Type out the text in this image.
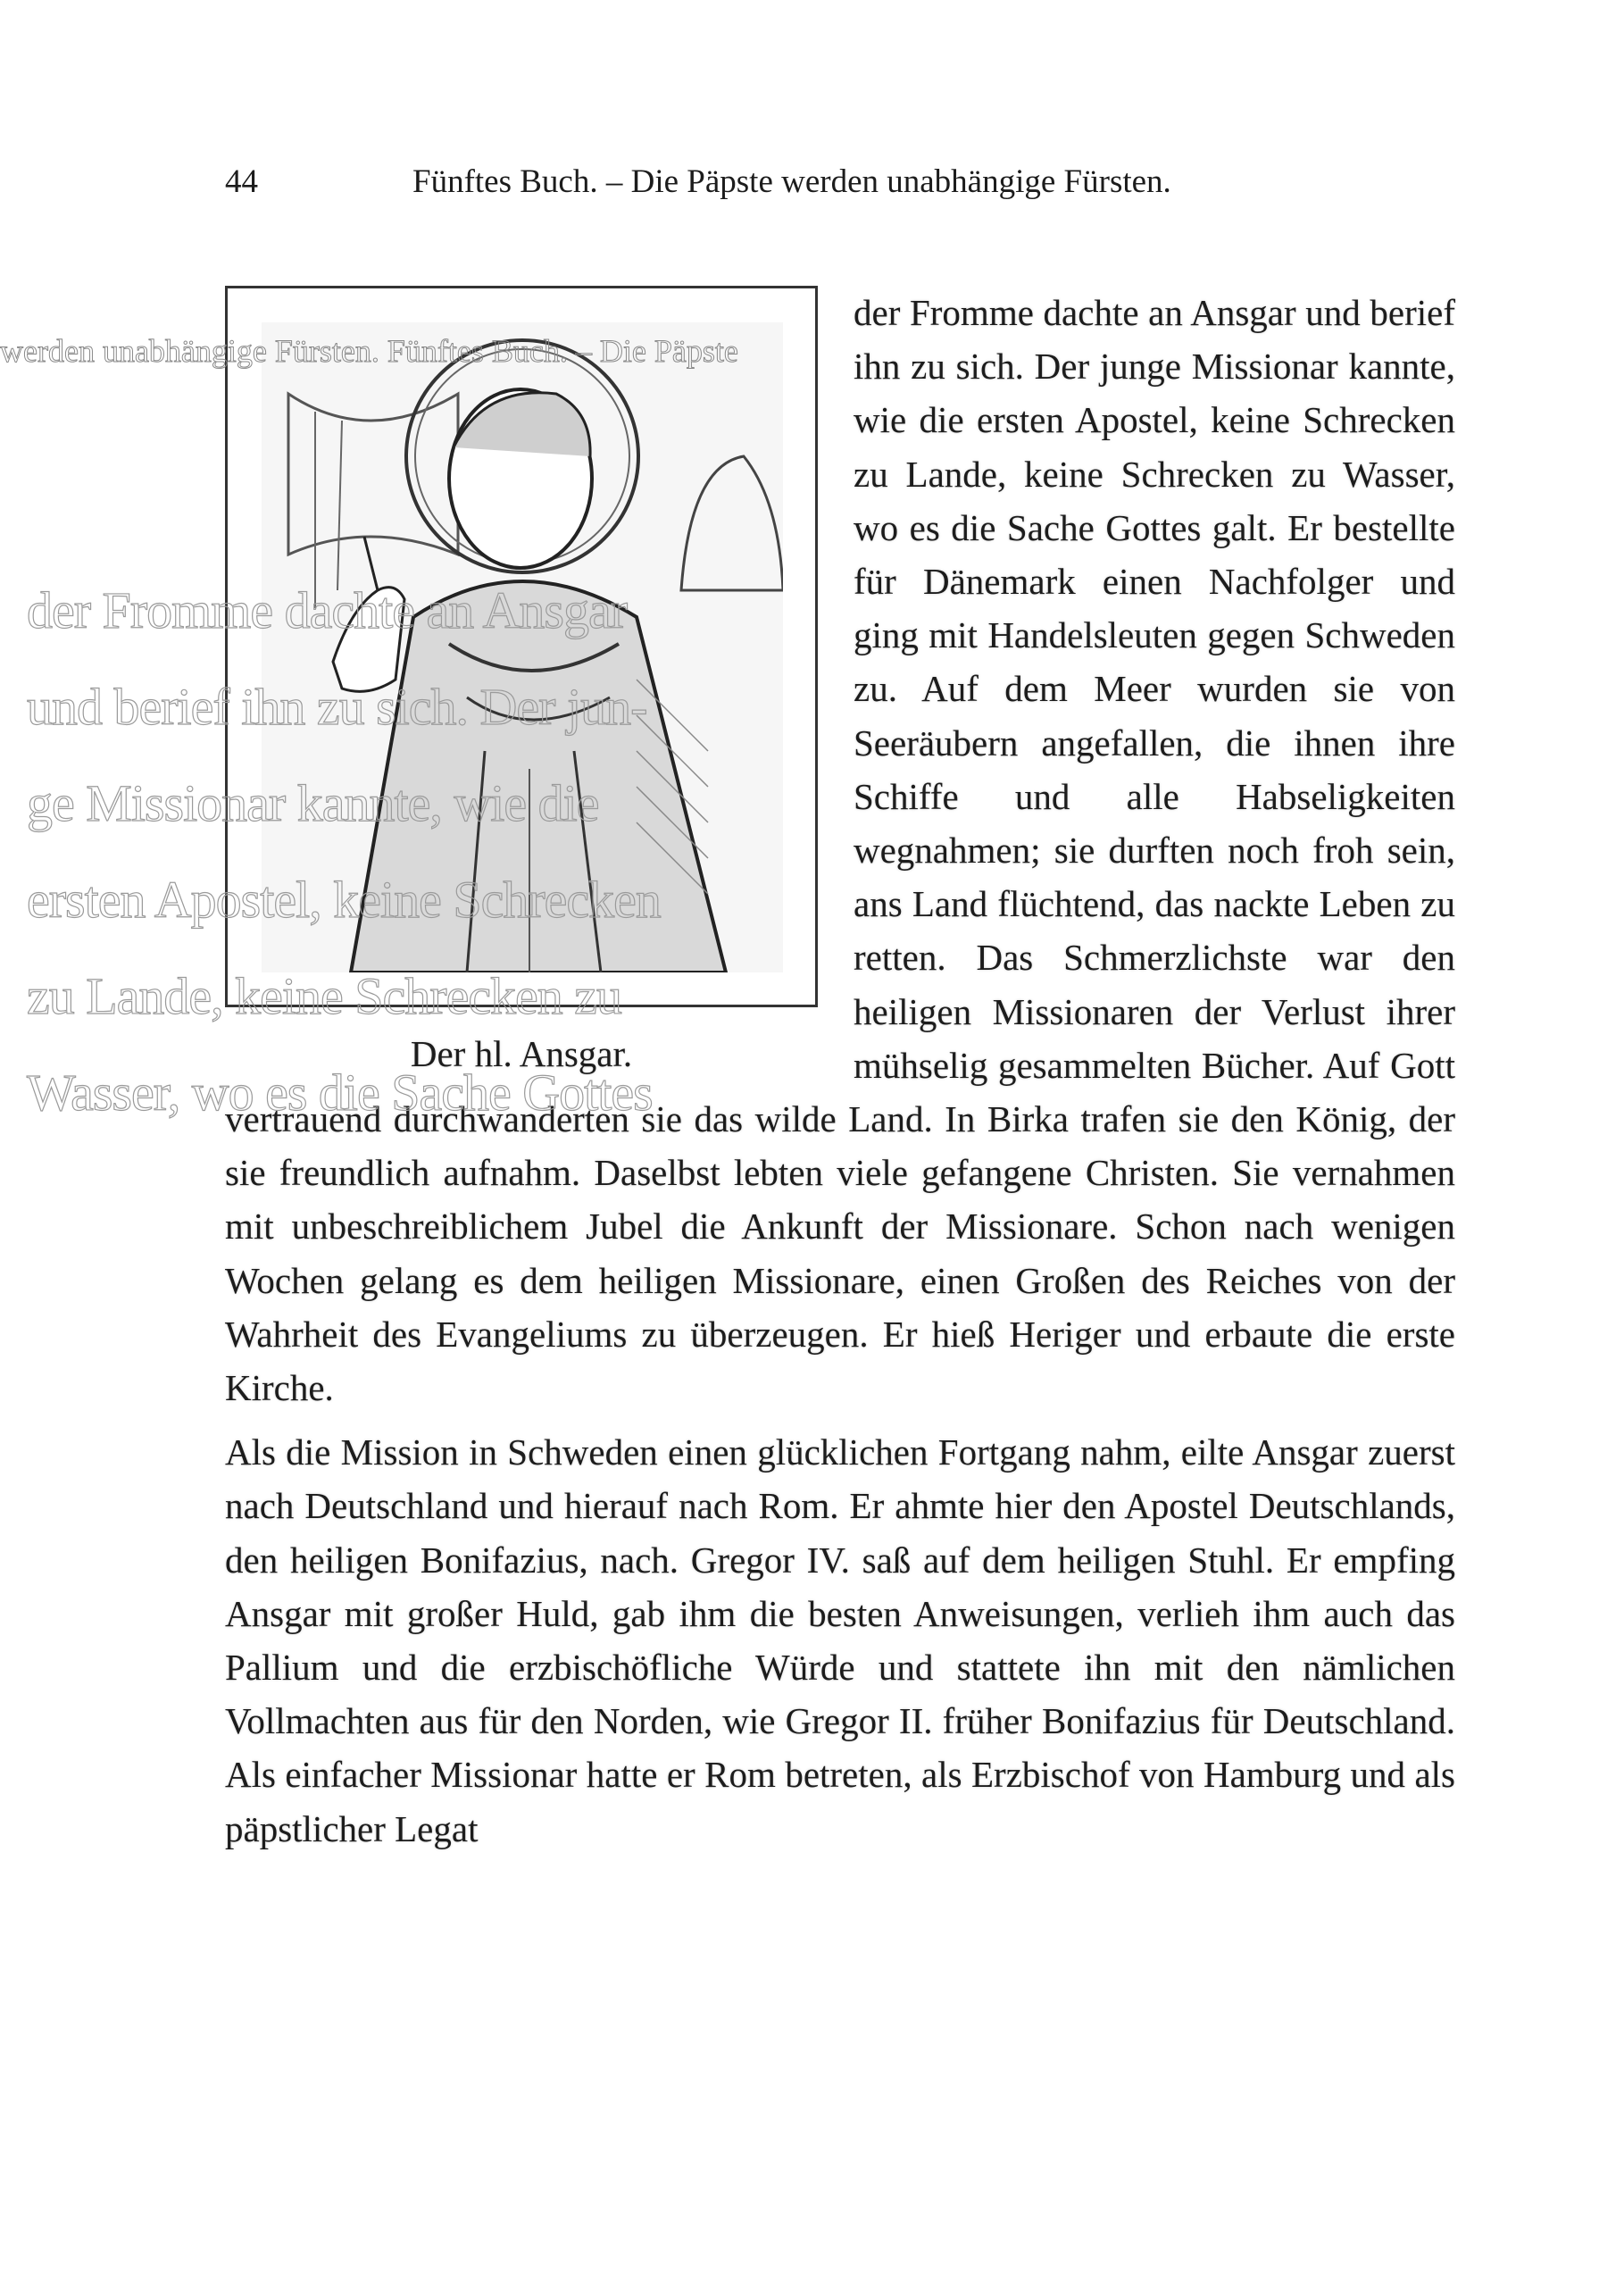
44	Fünftes Buch. – Die Päpste werden unabhängige Fürsten.
Der hl. Ansgar.

der Fromme dachte an Ansgar und berief ihn zu sich. Der junge Missionar kannte, wie die ersten Apostel, keine Schrecken zu Lande, keine Schrecken zu Wasser, wo es die Sache Gottes galt. Er bestellte für Dänemark einen Nachfolger und ging mit Handelsleuten gegen Schweden zu. Auf dem Meer wurden sie von Seeräubern angefallen, die ihnen ihre Schiffe und alle Habseligkeiten wegnahmen; sie durften noch froh sein, ans Land flüchtend, das nackte Leben zu retten. Das Schmerzlichste war den heiligen Missionaren der Verlust ihrer mühselig gesammelten Bücher. Auf Gott vertrauend durchwanderten sie das wilde Land. In Birka trafen sie den König, der sie freundlich aufnahm. Daselbst lebten viele gefangene Christen. Sie vernahmen mit unbeschreiblichem Jubel die Ankunft der Missionare. Schon nach wenigen Wochen gelang es dem heiligen Missionare, einen Großen des Reiches von der Wahrheit des Evangeliums zu überzeugen. Er hieß Heriger und erbaute die erste Kirche.

Als die Mission in Schweden einen glücklichen Fortgang nahm, eilte Ansgar zuerst nach Deutschland und hierauf nach Rom. Er ahmte hier den Apostel Deutschlands, den heiligen Bonifazius, nach. Gregor IV. saß auf dem heiligen Stuhl. Er empfing Ansgar mit großer Huld, gab ihm die besten Anweisungen, verlieh ihm auch das Pallium und die erzbischöfliche Würde und stattete ihn mit den nämlichen Vollmachten aus für den Norden, wie Gregor II. früher Bonifazius für Deutschland. Als einfacher Missionar hatte er Rom betreten, als Erzbischof von Hamburg und als päpstlicher Legat

werden unabhängige Fürsten. Fünftes Buch. – Die Päpste
der Fromme
und berief
ge Missionar
ersten
zu Lande,
Wasser, wo es die Sache Gottes
